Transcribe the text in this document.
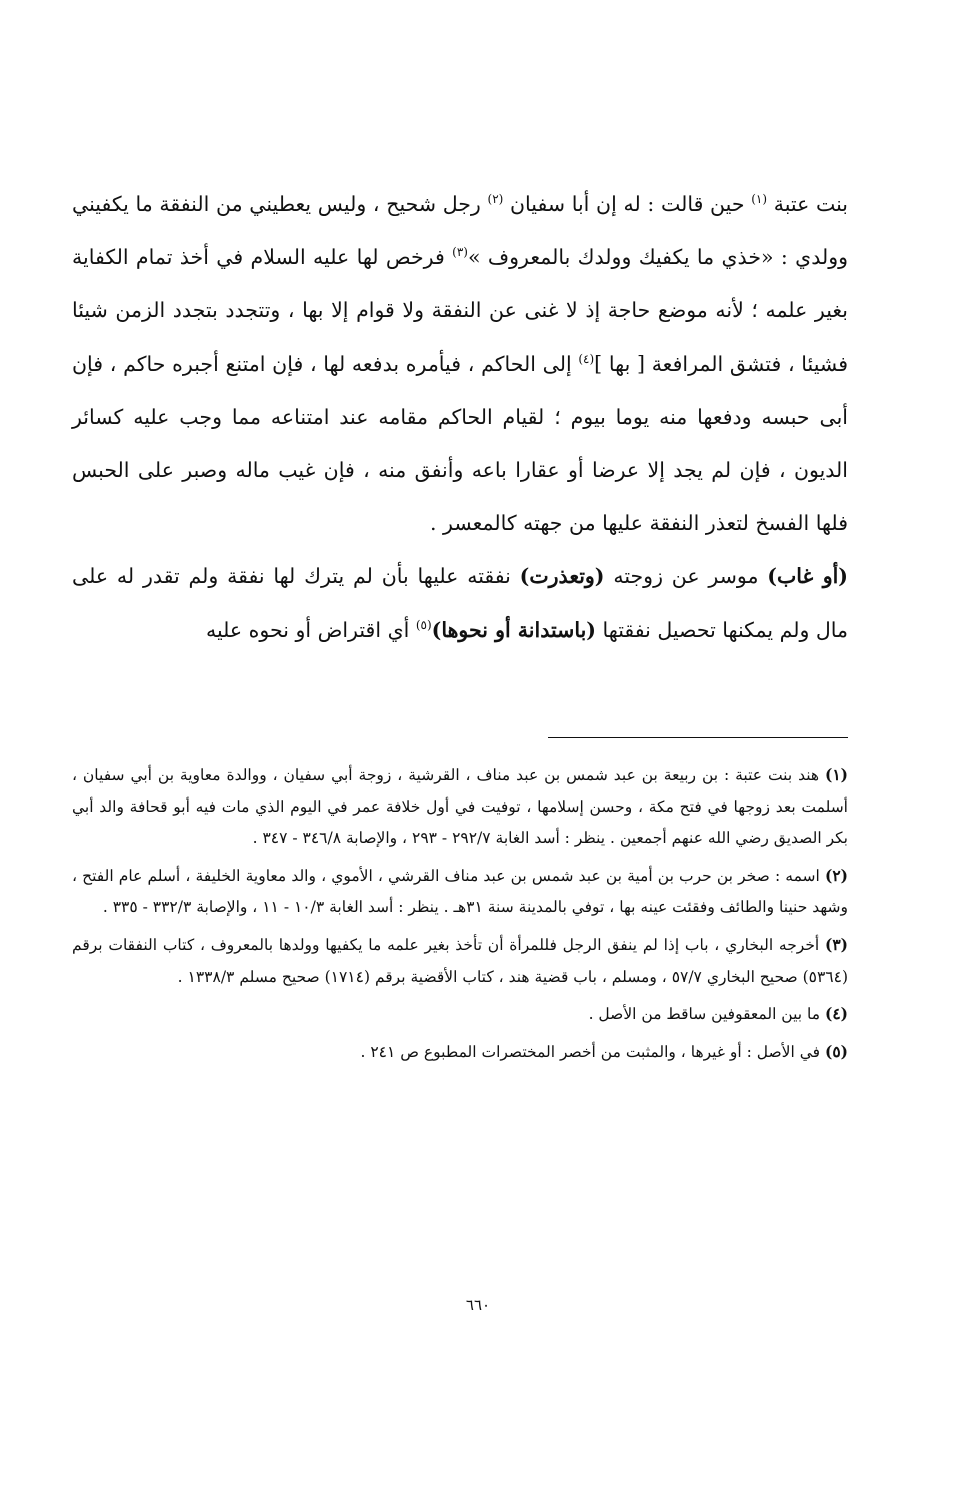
بنت عتبة $^{(١)}$ حين قالت : له إن أبا سفيان $^{(٢)}$ رجل شحيح ، وليس يعطيني من النفقة ما يكفيني وولدي : «خذي ما يكفيك وولدك بالمعروف »$^{(٣)}$ فرخص لها عليه السلام في أخذ تمام الكفاية بغير علمه ؛ لأنه موضع حاجة إذ لا غنى عن النفقة ولا قوام إلا بها ، وتتجدد بتجدد الزمن شيئا فشيئا ، فتشق المرافعة [ بها ]$^{(٤)}$ إلى الحاكم ، فيأمره بدفعه لها ، فإن امتنع أجبره حاكم ، فإن أبى حبسه ودفعها منه يوما بيوم ؛ لقيام الحاكم مقامه عند امتناعه مما وجب عليه كسائر الديون ، فإن لم يجد إلا عرضا أو عقارا باعه وأنفق منه ، فإن غيب ماله وصبر على الحبس فلها الفسخ لتعذر النفقة عليها من جهته كالمعسر .

(أو غاب) موسر عن زوجته (وتعذرت) نفقته عليها بأن لم يترك لها نفقة ولم تقدر له على مال ولم يمكنها تحصيل نفقتها (باستدانة أو نحوها)$^{(٥)}$ أي اقتراض أو نحوه عليه

(١) هند بنت عتبة : بن ربيعة بن عبد شمس بن عبد مناف ، القرشية ، زوجة أبي سفيان ، ووالدة معاوية بن أبي سفيان ، أسلمت بعد زوجها في فتح مكة ، وحسن إسلامها ، توفيت في أول خلافة عمر في اليوم الذي مات فيه أبو قحافة والد أبي بكر الصديق رضي الله عنهم أجمعين . ينظر : أسد الغابة ٢٩٢/٧ - ٢٩٣ ، والإصابة ٣٤٦/٨ - ٣٤٧ .

(٢) اسمه : صخر بن حرب بن أمية بن عبد شمس بن عبد مناف القرشي ، الأموي ، والد معاوية الخليفة ، أسلم عام الفتح ، وشهد حنينا والطائف وفقئت عينه بها ، توفي بالمدينة سنة ٣١هـ . ينظر : أسد الغابة ١٠/٣ - ١١ ، والإصابة ٣٣٢/٣ - ٣٣٥ .

(٣) أخرجه البخاري ، باب إذا لم ينفق الرجل فللمرأة أن تأخذ بغير علمه ما يكفيها وولدها بالمعروف ، كتاب النفقات برقم (٥٣٦٤) صحيح البخاري ٥٧/٧ ، ومسلم ، باب قضية هند ، كتاب الأقضية برقم (١٧١٤) صحيح مسلم ١٣٣٨/٣ .

(٤) ما بين المعقوفين ساقط من الأصل .

(٥) في الأصل : أو غيرها ، والمثبت من أخصر المختصرات المطبوع ص ٢٤١ .

٦٦٠
